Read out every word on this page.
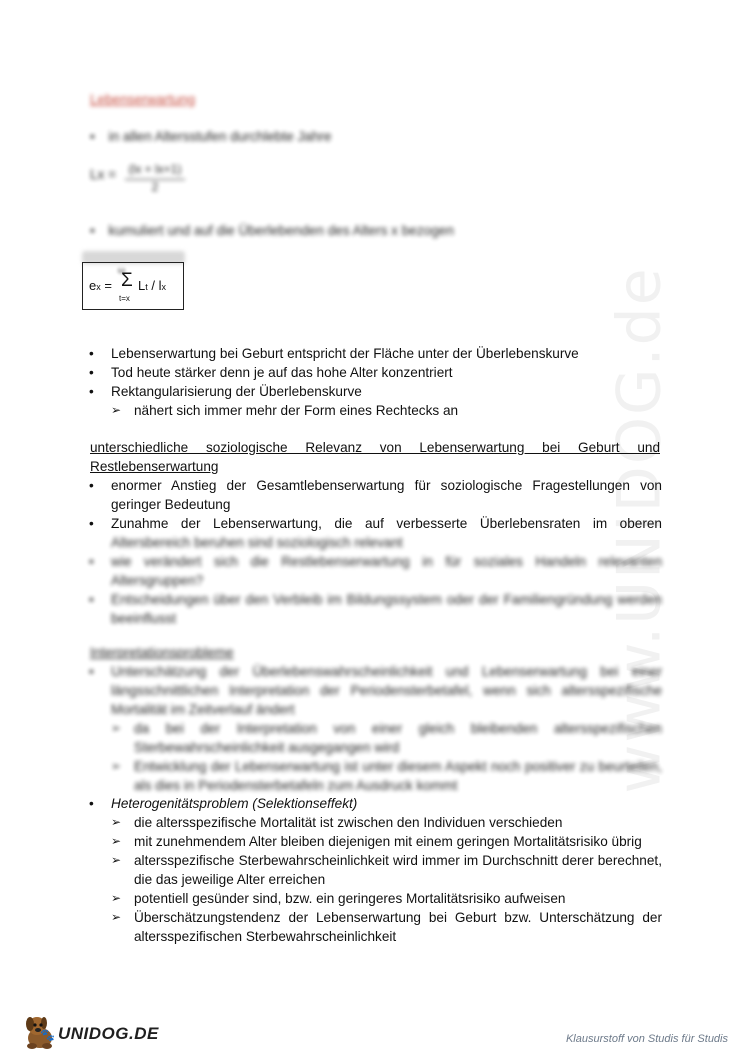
www.UNIDOG.de
Lebenserwartung
• in allen Altersstufen durchlebte Jahre
Lx =	(lx + lx+1)
2
• kumuliert und auf die Überlebenden des Alters x bezogen
ω
ex = Σ Lt / lx
t=x
• Lebenserwartung bei Geburt entspricht der Fläche unter der Überlebenskurve
• Tod heute stärker denn je auf das hohe Alter konzentriert
• Rektangularisierung der Überlebenskurve
➢ nähert sich immer mehr der Form eines Rechtecks an
unterschiedliche soziologische Relevanz von Lebenserwartung bei Geburt und Restlebenserwartung
• enormer Anstieg der Gesamtlebenserwartung für soziologische Fragestellungen von geringer Bedeutung
• Zunahme der Lebenserwartung, die auf verbesserte Überlebensraten im oberen
Altersbereich beruhen sind soziologisch relevant
• wie verändert sich die Restlebenserwartung in für soziales Handeln relevanten Altersgruppen?
• Entscheidungen über den Verbleib im Bildungssystem oder der Familiengründung werden beeinflusst
Interpretationsprobleme
• Unterschätzung der Überlebenswahrscheinlichkeit und Lebenserwartung bei einer längsschnittlichen Interpretation der Periodensterbetafel, wenn sich altersspezifische Mortalität im Zeitverlauf ändert
➢ da bei der Interpretation von einer gleich bleibenden altersspezifischen Sterbewahrscheinlichkeit ausgegangen wird
➢ Entwicklung der Lebenserwartung ist unter diesem Aspekt noch positiver zu beurteilen, als dies in Periodensterbetafeln zum Ausdruck kommt
• Heterogenitätsproblem (Selektionseffekt)
➢ die altersspezifische Mortalität ist zwischen den Individuen verschieden
➢ mit zunehmendem Alter bleiben diejenigen mit einem geringen Mortalitätsrisiko übrig
➢ altersspezifische Sterbewahrscheinlichkeit wird immer im Durchschnitt derer berechnet, die das jeweilige Alter erreichen
➢ potentiell gesünder sind, bzw. ein geringeres Mortalitätsrisiko aufweisen
➢ Überschätzungstendenz der Lebenserwartung bei Geburt bzw. Unterschätzung der altersspezifischen Sterbewahrscheinlichkeit
🐾 UNIDOG.DE	Klausurstoff von Studis für Studis
